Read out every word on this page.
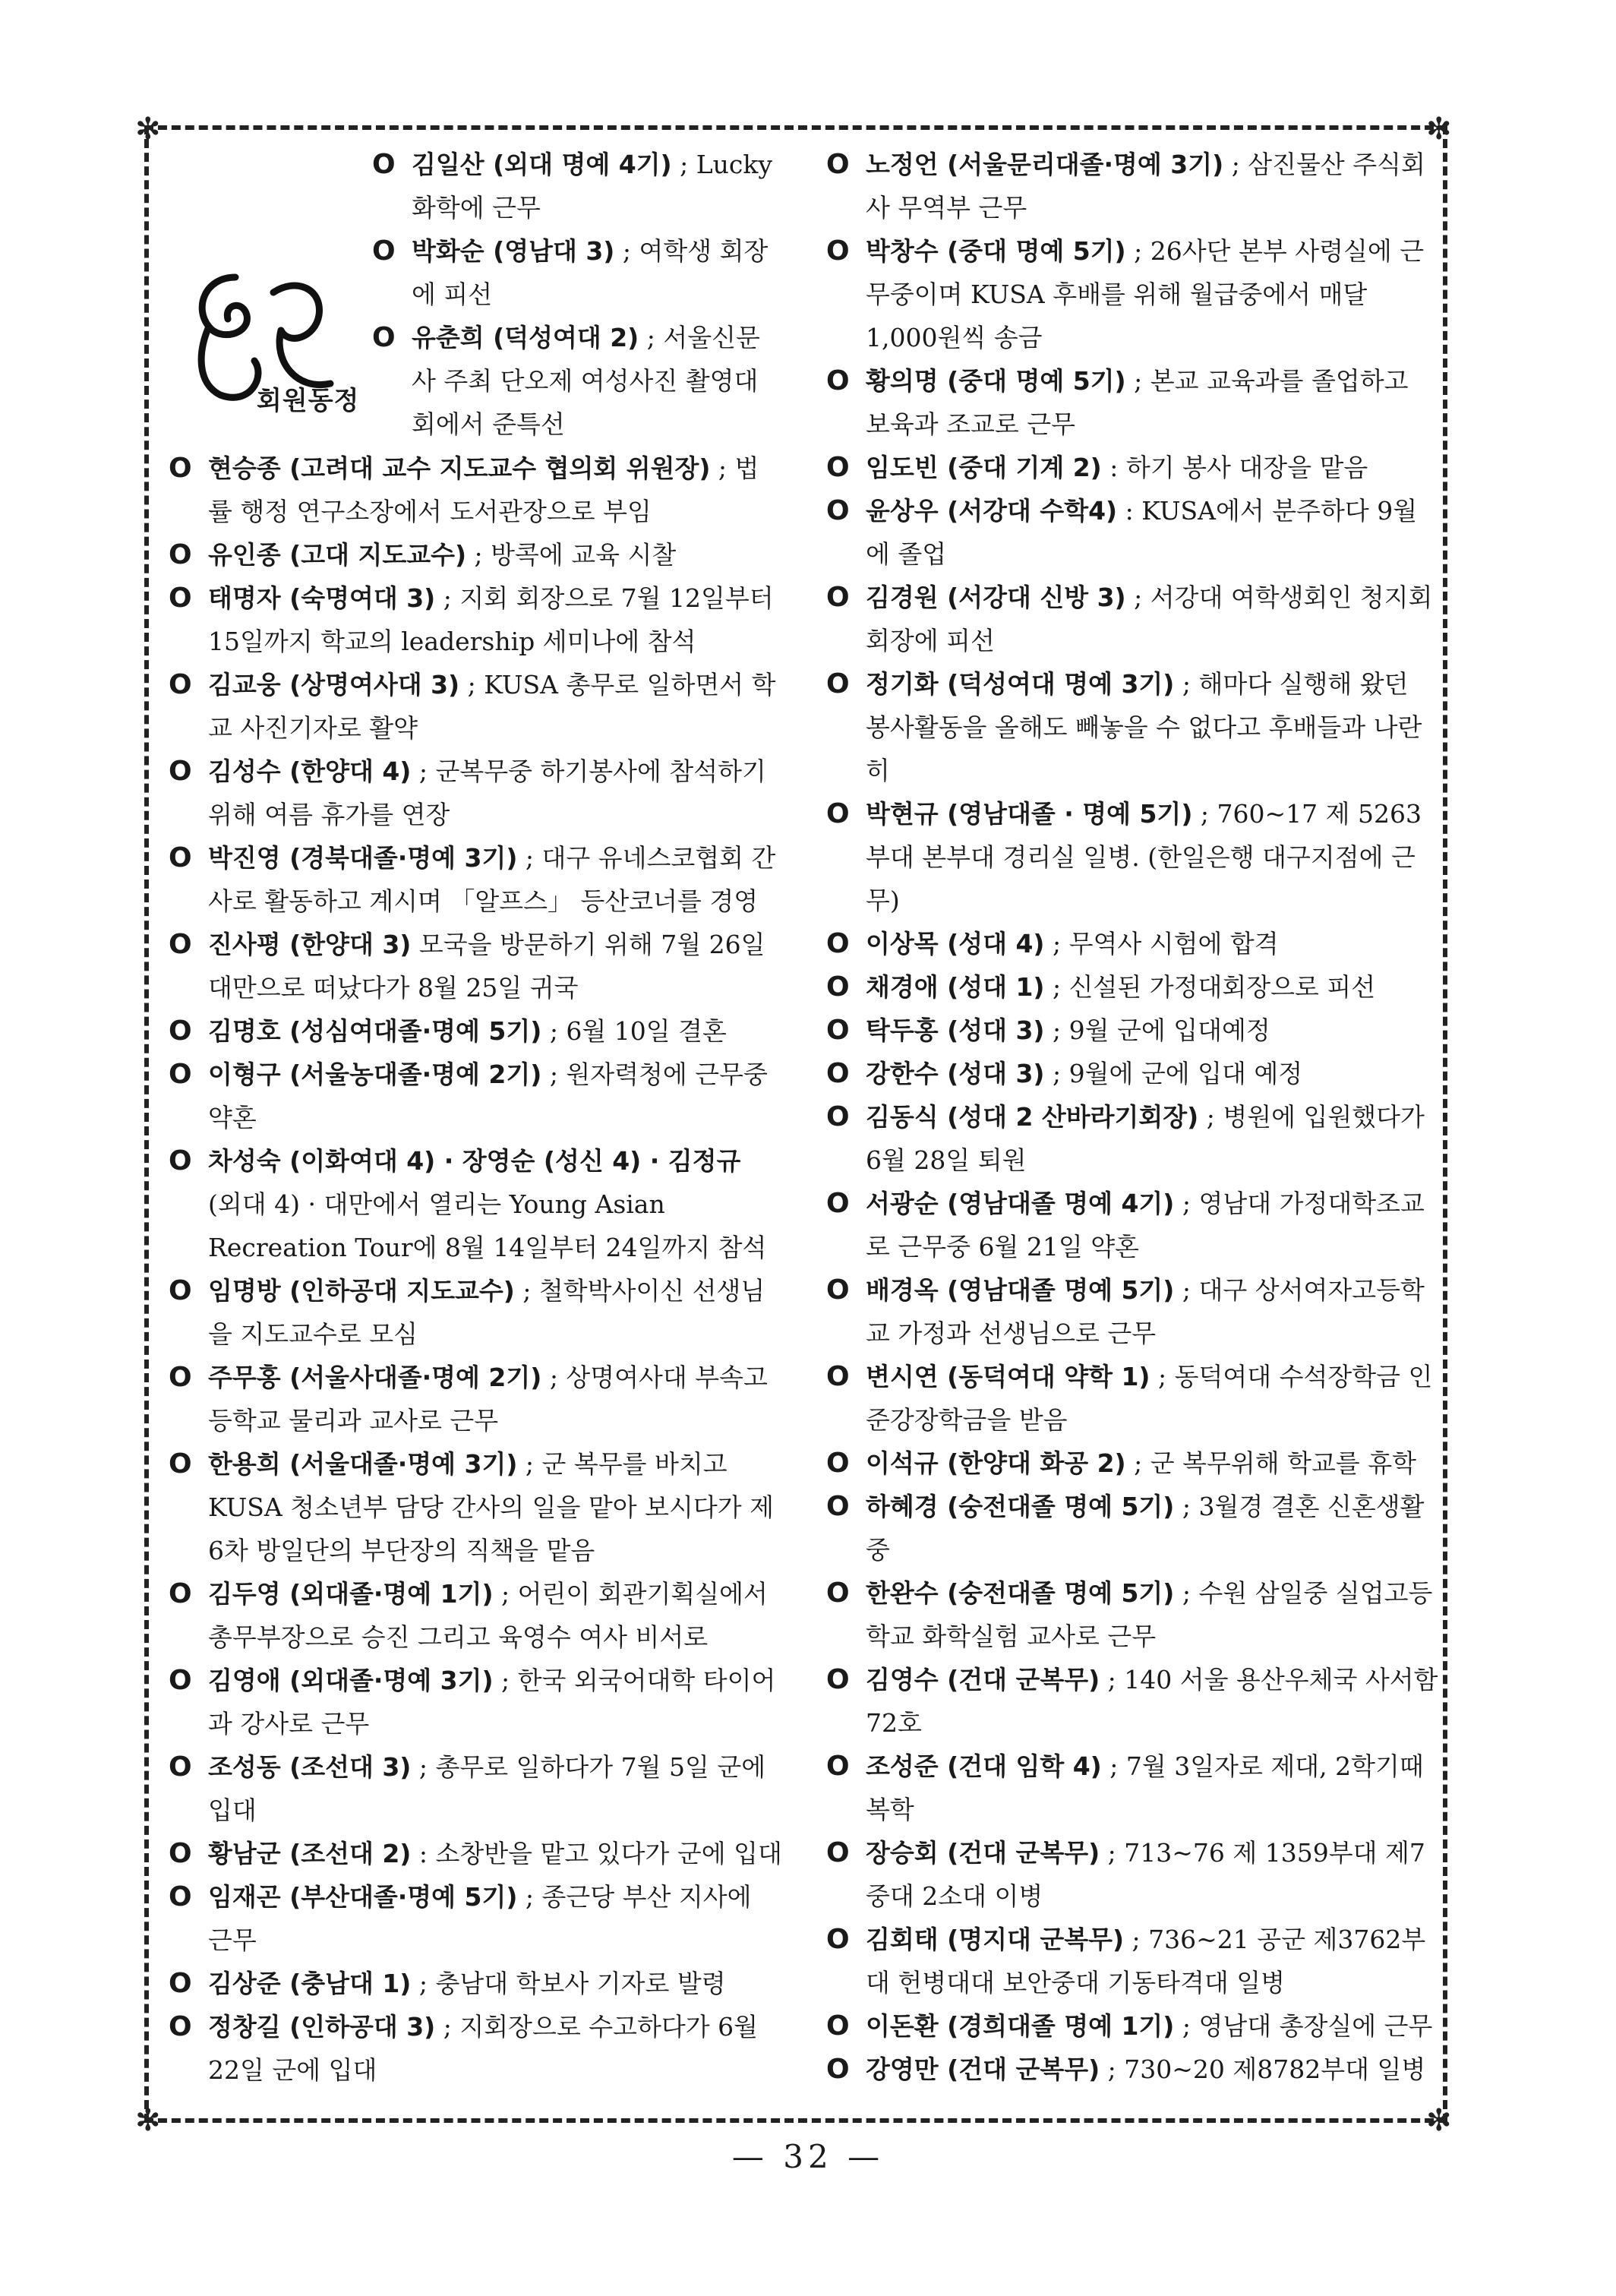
✻	✻
✻	✻
회원동정
O 김일산 (외대 명예 4기) ; Lucky 화학에 근무
O 박화순 (영남대 3) ; 여학생 회장에 피선
O 유춘희 (덕성여대 2) ; 서울신문사 주최 단오제 여성사진 촬영대회에서 준특선
O 현승종 (고려대 교수 지도교수 협의회 위원장) ; 법률 행정 연구소장에서 도서관장으로 부임
O 유인종 (고대 지도교수) ; 방콕에 교육 시찰
O 태명자 (숙명여대 3) ; 지회 회장으로 7월 12일부터 15일까지 학교의 leadership 세미나에 참석
O 김교웅 (상명여사대 3) ; KUSA 총무로 일하면서 학교 사진기자로 활약
O 김성수 (한양대 4) ; 군복무중 하기봉사에 참석하기 위해 여름 휴가를 연장
O 박진영 (경북대졸·명예 3기) ; 대구 유네스코협회 간사로 활동하고 계시며 「알프스」 등산코너를 경영
O 진사평 (한양대 3) 모국을 방문하기 위해 7월 26일 대만으로 떠났다가 8월 25일 귀국
O 김명호 (성심여대졸·명예 5기) ; 6월 10일 결혼
O 이형구 (서울농대졸·명예 2기) ; 원자력청에 근무중 약혼
O 차성숙 (이화여대 4) · 장영순 (성신 4) · 김정규 (외대 4) · 대만에서 열리는 Young Asian Recreation Tour에 8월 14일부터 24일까지 참석
O 임명방 (인하공대 지도교수) ; 철학박사이신 선생님을 지도교수로 모심
O 주무홍 (서울사대졸·명예 2기) ; 상명여사대 부속고등학교 물리과 교사로 근무
O 한용희 (서울대졸·명예 3기) ; 군 복무를 바치고 KUSA 청소년부 담당 간사의 일을 맡아 보시다가 제6차 방일단의 부단장의 직책을 맡음
O 김두영 (외대졸·명예 1기) ; 어린이 회관기획실에서 총무부장으로 승진 그리고 육영수 여사 비서로
O 김영애 (외대졸·명예 3기) ; 한국 외국어대학 타이어과 강사로 근무
O 조성동 (조선대 3) ; 총무로 일하다가 7월 5일 군에 입대
O 황남군 (조선대 2) : 소창반을 맡고 있다가 군에 입대
O 임재곤 (부산대졸·명예 5기) ; 종근당 부산 지사에 근무
O 김상준 (충남대 1) ; 충남대 학보사 기자로 발령
O 정창길 (인하공대 3) ; 지회장으로 수고하다가 6월 22일 군에 입대
O 노정언 (서울문리대졸·명예 3기) ; 삼진물산 주식회사 무역부 근무
O 박창수 (중대 명예 5기) ; 26사단 본부 사령실에 근무중이며 KUSA 후배를 위해 월급중에서 매달 1,000원씩 송금
O 황의명 (중대 명예 5기) ; 본교 교육과를 졸업하고 보육과 조교로 근무
O 임도빈 (중대 기계 2) : 하기 봉사 대장을 맡음
O 윤상우 (서강대 수학4) : KUSA에서 분주하다 9월에 졸업
O 김경원 (서강대 신방 3) ; 서강대 여학생회인 청지회 회장에 피선
O 정기화 (덕성여대 명예 3기) ; 해마다 실행해 왔던 봉사활동을 올해도 빼놓을 수 없다고 후배들과 나란히
O 박현규 (영남대졸 · 명예 5기) ; 760~17 제 5263부대 본부대 경리실 일병. (한일은행 대구지점에 근무)
O 이상목 (성대 4) ; 무역사 시험에 합격
O 채경애 (성대 1) ; 신설된 가정대회장으로 피선
O 탁두홍 (성대 3) ; 9월 군에 입대예정
O 강한수 (성대 3) ; 9월에 군에 입대 예정
O 김동식 (성대 2 산바라기회장) ; 병원에 입원했다가 6월 28일 퇴원
O 서광순 (영남대졸 명예 4기) ; 영남대 가정대학조교로 근무중 6월 21일 약혼
O 배경옥 (영남대졸 명예 5기) ; 대구 상서여자고등학교 가정과 선생님으로 근무
O 변시연 (동덕여대 약학 1) ; 동덕여대 수석장학금 인준강장학금을 받음
O 이석규 (한양대 화공 2) ; 군 복무위해 학교를 휴학
O 하혜경 (숭전대졸 명예 5기) ; 3월경 결혼 신혼생활중
O 한완수 (숭전대졸 명예 5기) ; 수원 삼일중 실업고등학교 화학실험 교사로 근무
O 김영수 (건대 군복무) ; 140 서울 용산우체국 사서함 72호
O 조성준 (건대 임학 4) ; 7월 3일자로 제대, 2학기때 복학
O 장승회 (건대 군복무) ; 713~76 제 1359부대 제7중대 2소대 이병
O 김회태 (명지대 군복무) ; 736~21 공군 제3762부대 헌병대대 보안중대 기동타격대 일병
O 이돈환 (경희대졸 명예 1기) ; 영남대 총장실에 근무
O 강영만 (건대 군복무) ; 730~20 제8782부대 일병
— 32 —
